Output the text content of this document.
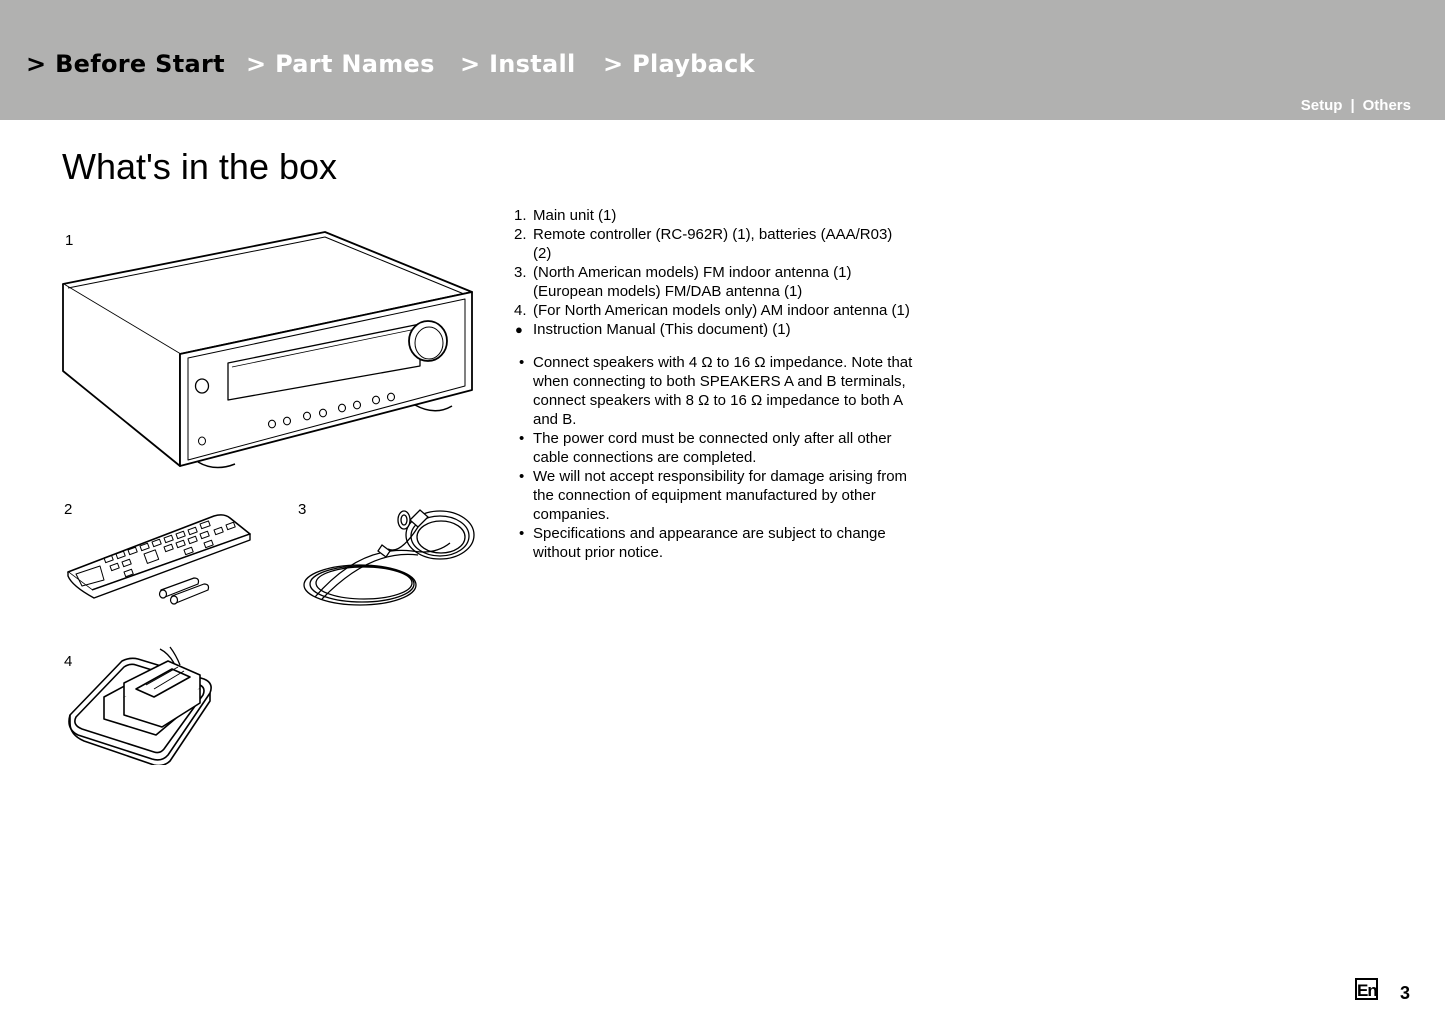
> Before Start > Part Names > Install > Playback
Setup | Others
What's in the box
1
2	3
4
1. Main unit (1)
2. Remote controller (RC-962R) (1), batteries (AAA/R03)
(2)
3. (North American models) FM indoor antenna (1)
(European models) FM/DAB antenna (1)
4. (For North American models only) AM indoor antenna (1)
● Instruction Manual (This document) (1)
• Connect speakers with 4 Ω to 16 Ω impedance. Note that
when connecting to both SPEAKERS A and B terminals,
connect speakers with 8 Ω to 16 Ω impedance to both A
and B.
• The power cord must be connected only after all other
cable connections are completed.
• We will not accept responsibility for damage arising from
the connection of equipment manufactured by other
companies.
• Specifications and appearance are subject to change
without prior notice.
En 3
